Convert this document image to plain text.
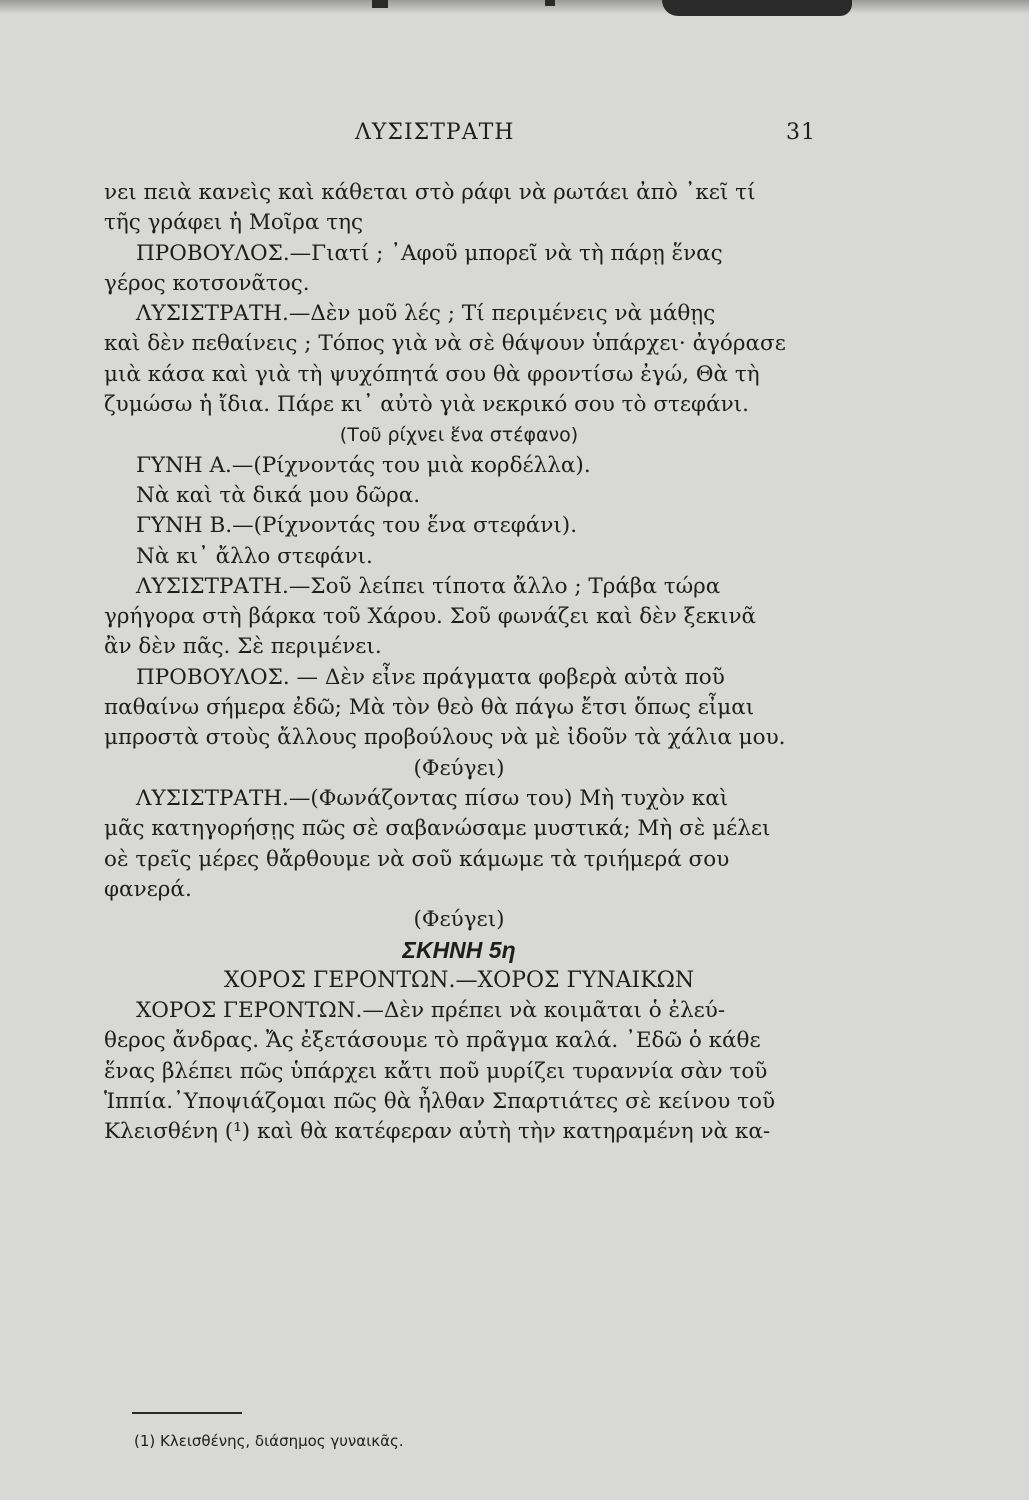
ΛΥΣΙΣΤΡΑΤΗ	31

νει πειὰ κανεὶς καὶ κάθεται στὸ ράφι νὰ ρωτάει ἀπὸ ᾿κεῖ τί

τῆς γράφει ἡ Μοῖρα της

ΠΡΟΒΟΥΛΟΣ.—Γιατί ; ᾿Αφοῦ μπορεῖ νὰ τὴ πάρῃ ἕνας

γέρος κοτσονᾶτος.

ΛΥΣΙΣΤΡΑΤΗ.—Δὲν μοῦ λές ; Τί περιμένεις νὰ μάθῃς

καὶ δὲν πεθαίνεις ; Τόπος γιὰ νὰ σὲ θάψουν ὑπάρχει· ἀγόρασε

μιὰ κάσα καὶ γιὰ τὴ ψυχόπητά σου θὰ φροντίσω ἐγώ, Θὰ τὴ

ζυμώσω ἡ ἴδια. Πάρε κι᾿ αὐτὸ γιὰ νεκρικό σου τὸ στεφάνι.

(Τοῦ ρίχνει ἕνα στέφανο)

ΓΥΝΗ Α.—(Ρίχνοντάς του μιὰ κορδέλλα).

Νὰ καὶ τὰ δικά μου δῶρα.

ΓΥΝΗ Β.—(Ρίχνοντάς του ἕνα στεφάνι).

Νὰ κι᾿ ἄλλο στεφάνι.

ΛΥΣΙΣΤΡΑΤΗ.—Σοῦ λείπει τίποτα ἄλλο ; Τράβα τώρα

γρήγορα στὴ βάρκα τοῦ Χάρου. Σοῦ φωνάζει καὶ δὲν ξεκινᾶ

ἂν δὲν πᾶς. Σὲ περιμένει.

ΠΡΟΒΟΥΛΟΣ. — Δὲν εἶνε πράγματα φοβερὰ αὐτὰ ποῦ

παθαίνω σήμερα ἐδῶ; Μὰ τὸν θεὸ θὰ πάγω ἔτσι ὅπως εἶμαι

μπροστὰ στοὺς ἄλλους προβούλους νὰ μὲ ἰδοῦν τὰ χάλια μου.

(Φεύγει)

ΛΥΣΙΣΤΡΑΤΗ.—(Φωνάζοντας πίσω του) Μὴ τυχὸν καὶ

μᾶς κατηγορήσῃς πῶς σὲ σαβανώσαμε μυστικά; Μὴ σὲ μέλει

οὲ τρεῖς μέρες θἄρθουμε νὰ σοῦ κάμωμε τὰ τριήμερά σου

φανερά.

(Φεύγει)

ΣΚΗΝΗ 5η

ΧΟΡΟΣ ΓΕΡΟΝΤΩΝ.—ΧΟΡΟΣ ΓΥΝΑΙΚΩΝ

ΧΟΡΟΣ ΓΕΡΟΝΤΩΝ.—Δὲν πρέπει νὰ κοιμᾶται ὁ ἐλεύ-

θερος ἄνδρας. Ἄς ἐξετάσουμε τὸ πρᾶγμα καλά. ᾿Εδῶ ὁ κάθε

ἕνας βλέπει πῶς ὑπάρχει κἄτι ποῦ μυρίζει τυραννία σὰν τοῦ

Ἱππία.᾿Υποψιάζομαι πῶς θὰ ἦλθαν Σπαρτιάτες σὲ κείνου τοῦ

Κλεισθένη (¹) καὶ θὰ κατέφεραν αὐτὴ τὴν κατηραμένη νὰ κα-

(1) Κλεισθένης, διάσημος γυναικᾶς.
